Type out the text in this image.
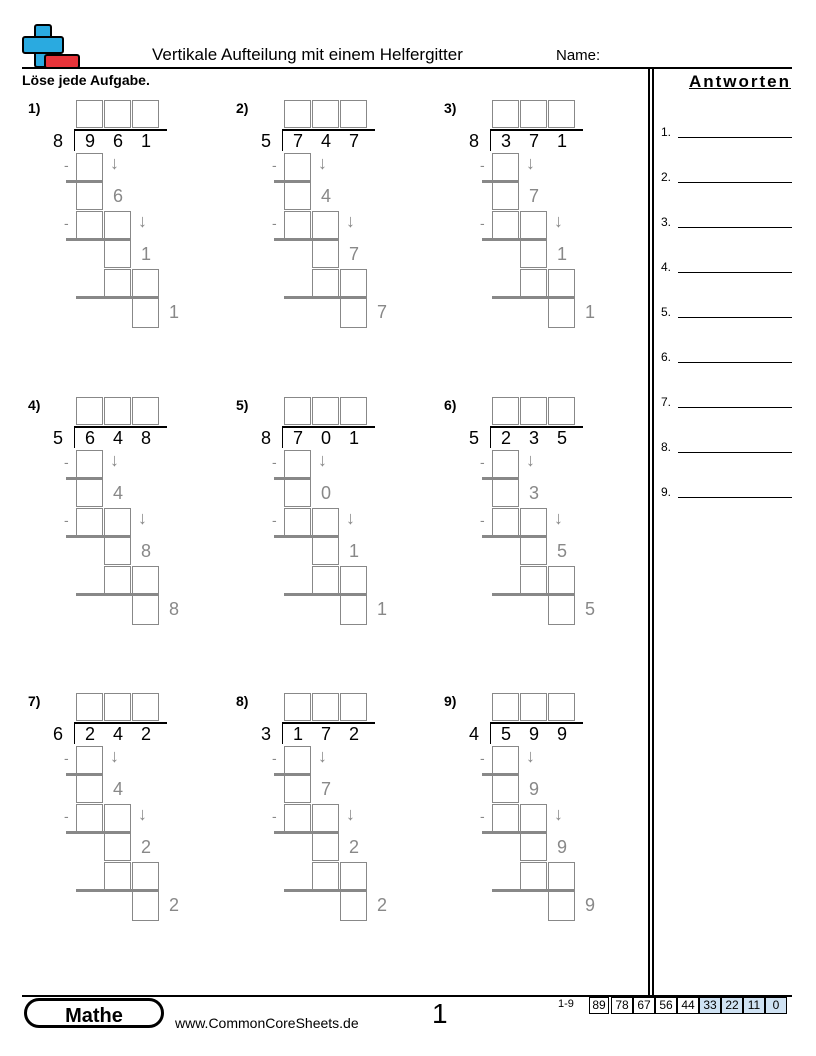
Vertikale Aufteilung mit einem Helfergitter	Name:
Löse jede Aufgabe.	Antworten
1.
2.
3.
4.
5.
6.
7.
8.
9.
1)
8	9 6 1
- ↓
6
-	↓
1
1
2)
5	7 4 7
- ↓
4
-	↓
7
7
3)
8	3 7 1
- ↓
7
-	↓
1
1
4)
5	6 4 8
- ↓
4
-	↓
8
8
5)
8	7 0 1
- ↓
0
-	↓
1
1
6)
5	2 3 5
- ↓
3
-	↓
5
5
7)
6	2 4 2
- ↓
4
-	↓
2
2
8)
3	1 7 2
- ↓
7
-	↓
2
2
9)
4	5 9 9
- ↓
9
-	↓
9
9
Mathe	www.CommonCoreSheets.de	1	1-9 89 78 67 56 44 33 22 11	0
